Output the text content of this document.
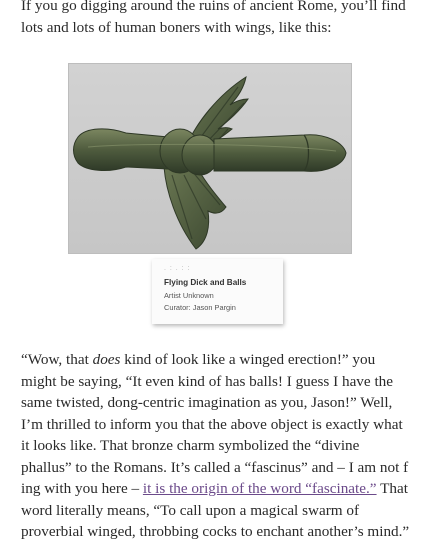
If you go digging around the ruins of ancient Rome, you’ll find lots and lots of human boners with wings, like this:

. : . : :
Flying Dick and Balls
Artist Unknown
Curator: Jason Pargin

“Wow, that does kind of look like a winged erection!” you might be saying, “It even kind of has balls! I guess I have the same twisted, dong-centric imagination as you, Jason!” Well, I’m thrilled to inform you that the above object is exactly what it looks like. That bronze charm symbolized the “divine phallus” to the Romans. It’s called a “fascinus” and – I am not f ing with you here – it is the origin of the word “fascinate.” That word literally means, “To call upon a magical swarm of proverbial winged, throbbing cocks to enchant another’s mind.”
